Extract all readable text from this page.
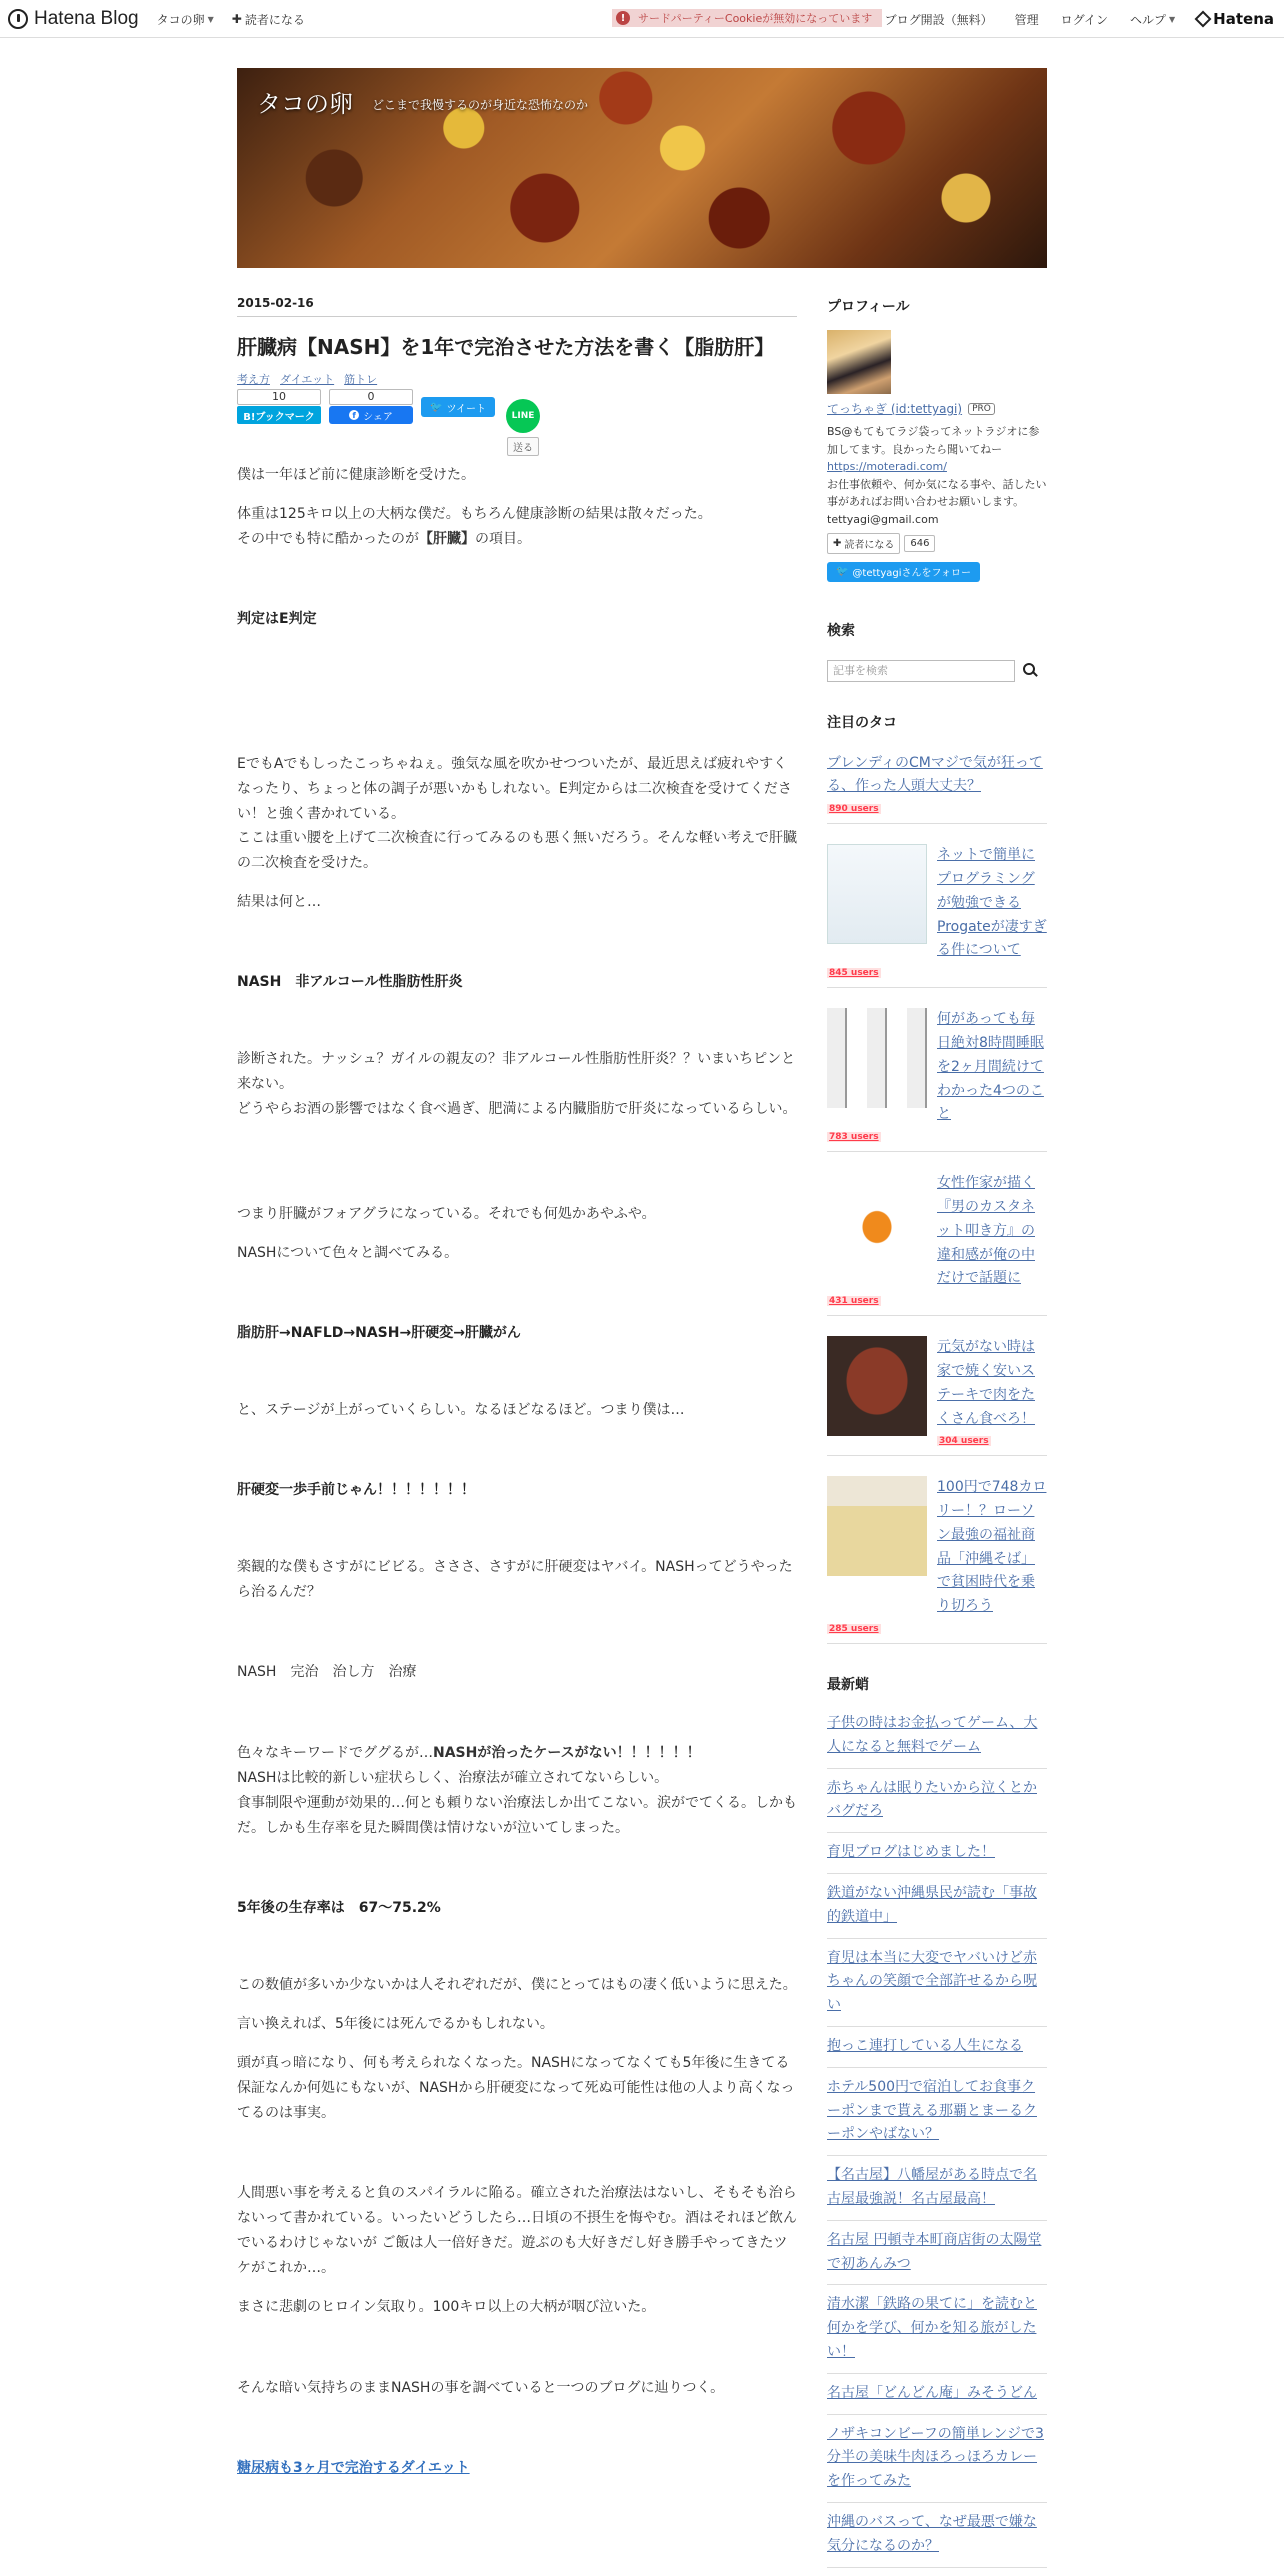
Hatena Blog タコの卵 ▼ ✚ 読者になる	!	サードパーティーCookieが無効になっています ブログ開設（無料） 管理 ログイン ヘルプ ▼	Hatena
タコの卵 どこまで我慢するのが身近な恐怖なのか
2015-02-16
肝臓病【NASH】を1年で完治させた方法を書く【脂肪肝】
考え方 ダイエット 筋トレ
10
B!ブックマーク
0
f シェア
🐦 ツイート
LINE
送る

僕は一年ほど前に健康診断を受けた。

体重は125キロ以上の大柄な僕だ。もちろん健康診断の結果は散々だった。

その中でも特に酷かったのが【肝臓】の項目。

判定はE判定

EでもAでもしったこっちゃねぇ。強気な風を吹かせつついたが、最近思えば疲れやすくなったり、ちょっと体の調子が悪いかもしれない。E判定からは二次検査を受けてください！と強く書かれている。

ここは重い腰を上げて二次検査に行ってみるのも悪く無いだろう。そんな軽い考えで肝臓の二次検査を受けた。

結果は何と…

NASH　非アルコール性脂肪性肝炎

診断された。ナッシュ？ガイルの親友の？非アルコール性脂肪性肝炎？？いまいちピンと来ない。

どうやらお酒の影響ではなく食べ過ぎ、肥満による内臓脂肪で肝炎になっているらしい。

つまり肝臓がフォアグラになっている。それでも何処かあやふや。

NASHについて色々と調べてみる。

脂肪肝→NAFLD→NASH→肝硬変→肝臓がん

と、ステージが上がっていくらしい。なるほどなるほど。つまり僕は…

肝硬変一歩手前じゃん！！！！！！！

楽観的な僕もさすがにビビる。さささ、さすがに肝硬変はヤバイ。NASHってどうやったら治るんだ？

NASH　完治　治し方　治療

色々なキーワードでググるが…NASHが治ったケースがない！！！！！！

NASHは比較的新しい症状らしく、治療法が確立されてないらしい。

食事制限や運動が効果的…何とも頼りない治療法しか出てこない。涙がでてくる。しかもだ。しかも生存率を見た瞬間僕は情けないが泣いてしまった。

5年後の生存率は　67～75.2%

この数値が多いか少ないかは人それぞれだが、僕にとってはもの凄く低いように思えた。

言い換えれば、5年後には死んでるかもしれない。

頭が真っ暗になり、何も考えられなくなった。NASHになってなくても5年後に生きてる保証なんか何処にもないが、NASHから肝硬変になって死ぬ可能性は他の人より高くなってるのは事実。

人間悪い事を考えると負のスパイラルに陥る。確立された治療法はないし、そもそも治らないって書かれている。いったいどうしたら…日頃の不摂生を悔やむ。酒はそれほど飲んでいるわけじゃないが ご飯は人一倍好きだ。遊ぶのも大好きだし好き勝手やってきたツケがこれか…。

まさに悲劇のヒロイン気取り。100キロ以上の大柄が咽び泣いた。

そんな暗い気持ちのままNASHの事を調べていると一つのブログに辿りつく。

糖尿病も3ヶ月で完治するダイエット

プロフィール
てっちゃぎ (id:tettyagi)	PRO
BS@もてもてラジ袋ってネットラジオに参加してます。良かったら聞いてねー
https://moteradi.com/
お仕事依頼や、何か気になる事や、話したい事があればお問い合わせお願いします。
tettyagi@gmail.com
✚ 読者になる	646
🐦 @tettyagiさんをフォロー
検索
記事を検索
注目のタコ
ブレンディのCMマジで気が狂ってる、作った人頭大丈夫？
890 users
ネットで簡単にプログラミングが勉強できるProgateが凄すぎる件について
845 users
何があっても毎日絶対8時間睡眠を2ヶ月間続けてわかった4つのこと
783 users
女性作家が描く『男のカスタネット叩き方』の違和感が俺の中だけで話題に
431 users
元気がない時は家で焼く安いステーキで肉をたくさん食べろ！ 304 users
100円で748カロリー！？ローソン最強の福祉商品「沖縄そば」で貧困時代を乗り切ろう
285 users
最新蛸
子供の時はお金払ってゲーム、大人になると無料でゲーム
赤ちゃんは眠りたいから泣くとかバグだろ
育児ブログはじめました！
鉄道がない沖縄県民が読む「事故的鉄道中」
育児は本当に大変でヤバいけど赤ちゃんの笑顔で全部許せるから呪い
抱っこ連打している人生になる
ホテル500円で宿泊してお食事クーポンまで貰える那覇とまーるクーポンやばない？
【名古屋】八幡屋がある時点で名古屋最強説！名古屋最高！
名古屋 円頓寺本町商店街の太陽堂で初あんみつ
清水潔「鉄路の果てに」を読むと何かを学び、何かを知る旅がしたい！
名古屋「どんどん庵」みそうどん
ノザキコンビーフの簡単レンジで3分半の美味牛肉ほろっほろカレーを作ってみた
沖縄のバスって、なぜ最悪で嫌な気分になるのか？
